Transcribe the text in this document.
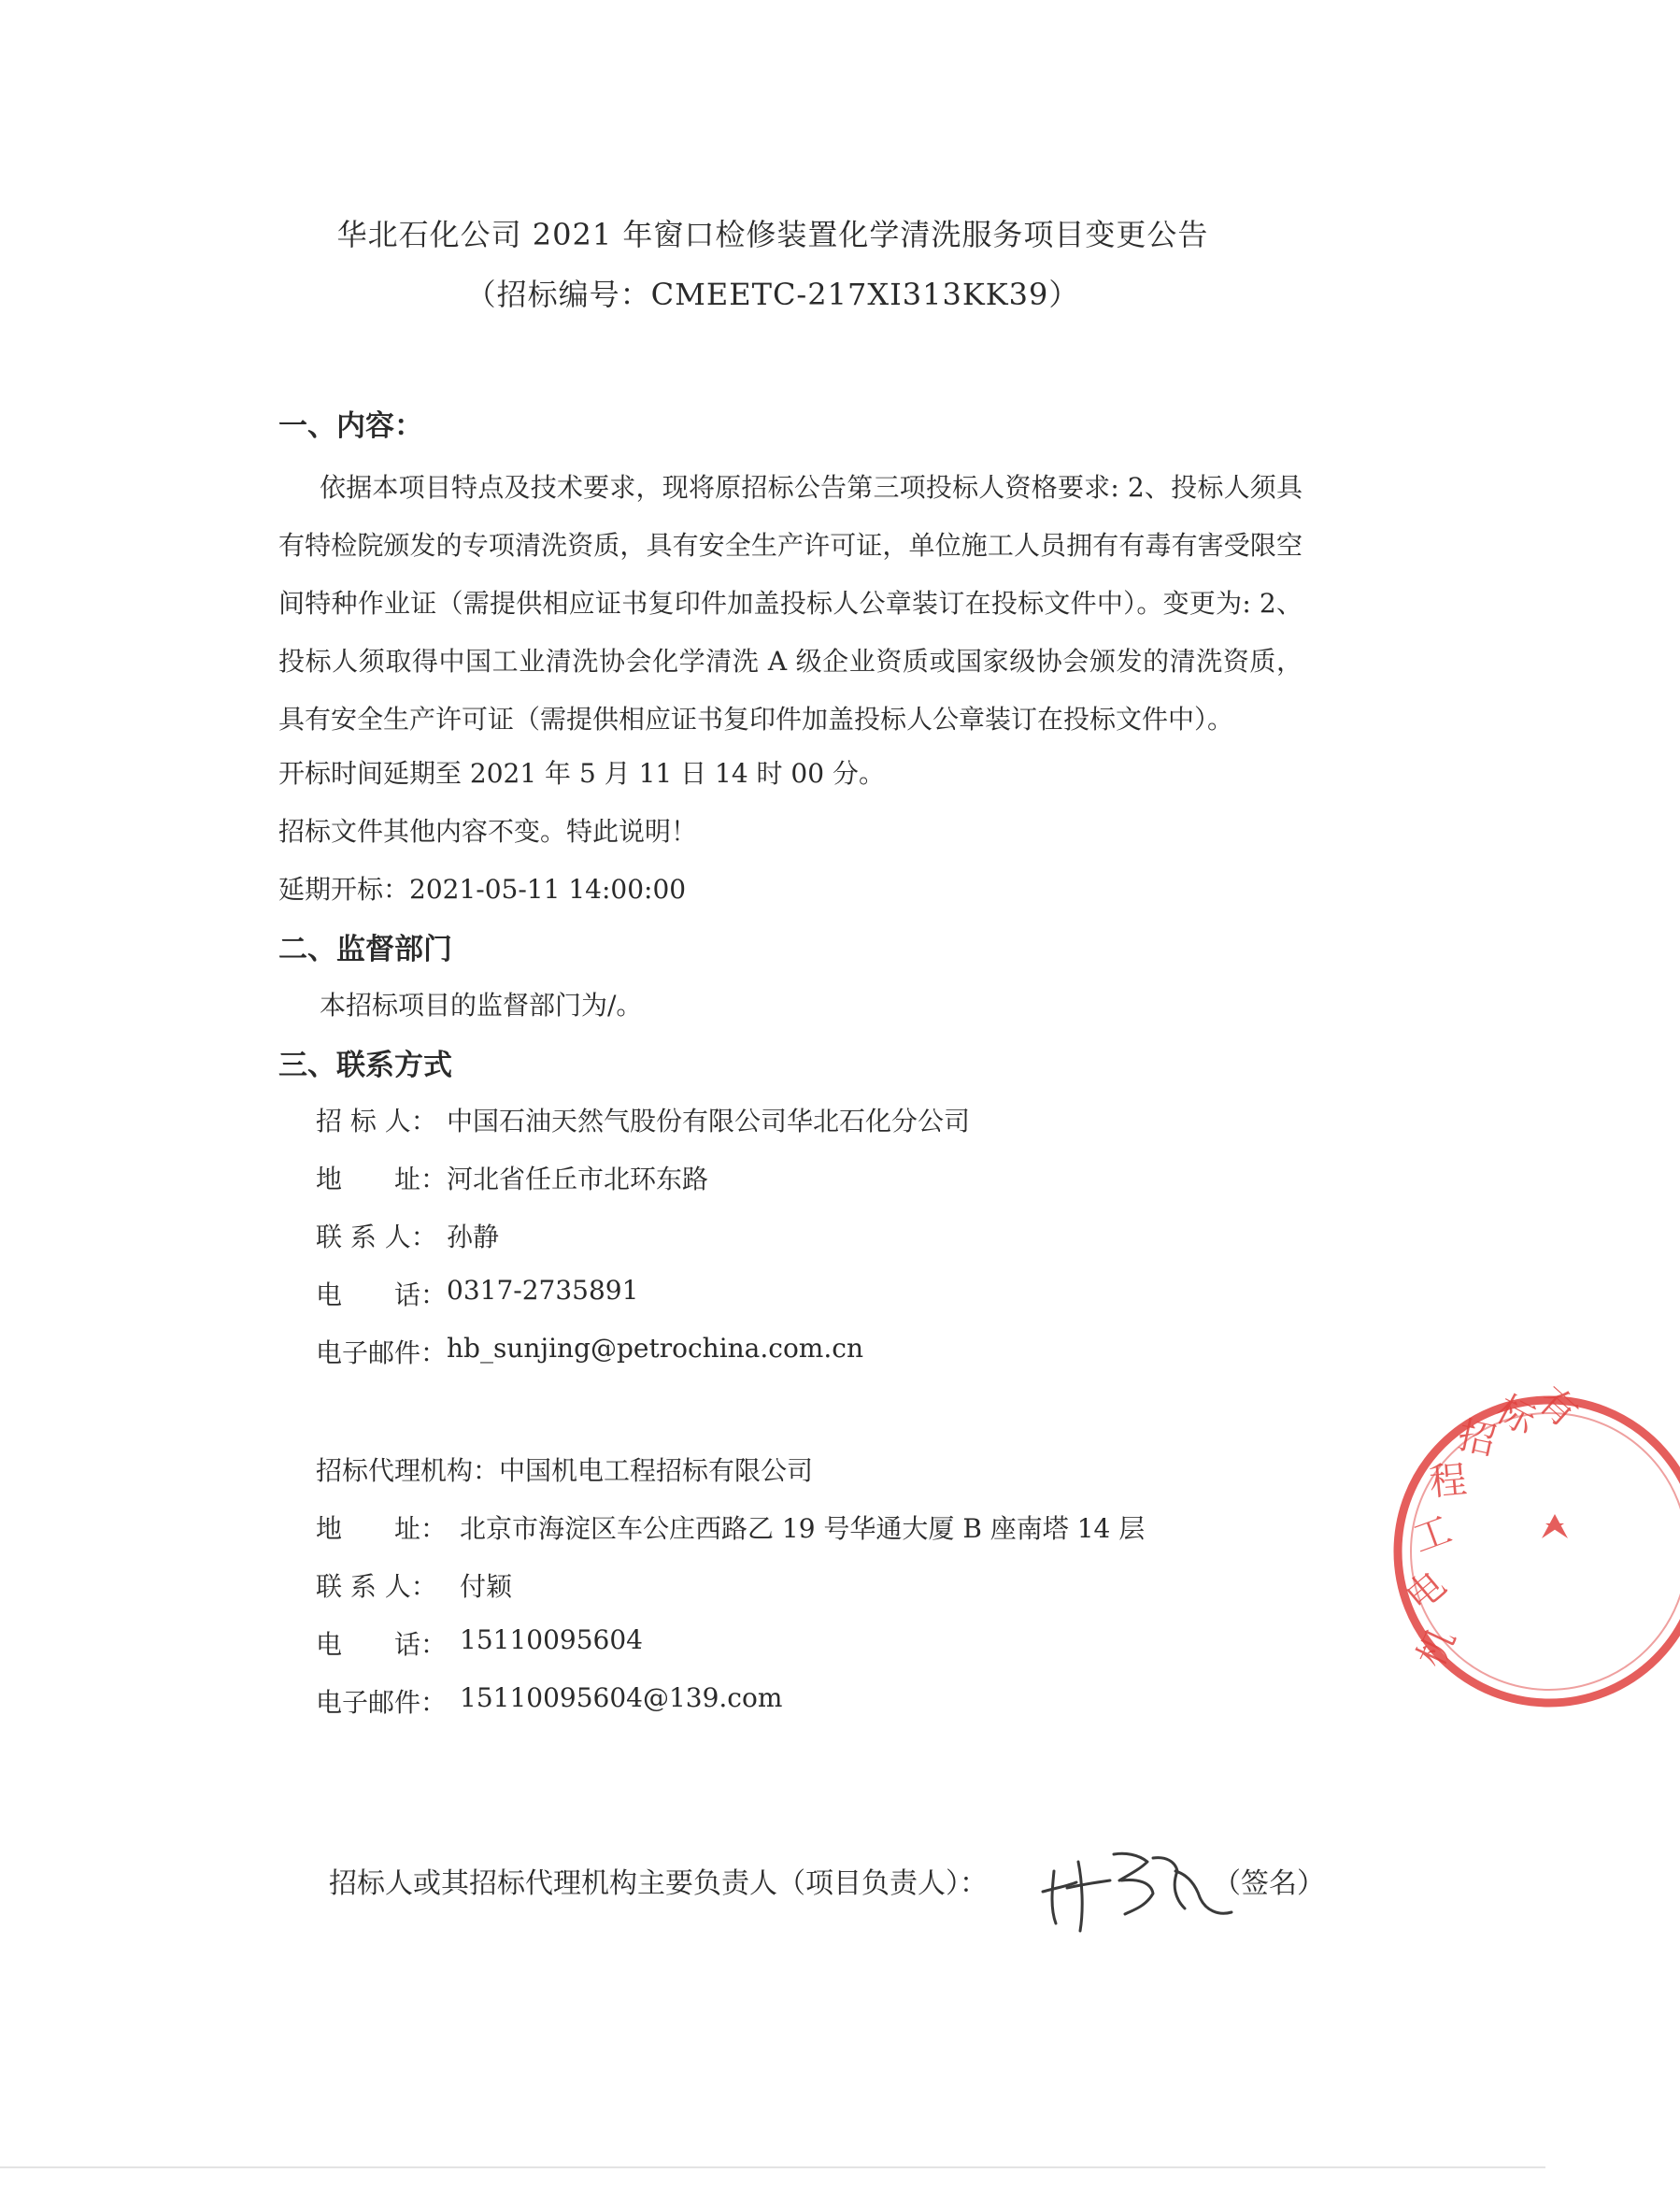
华北石化公司 2021 年窗口检修装置化学清洗服务项目变更公告
（招标编号：CMEETC-217XI313KK39）
一、内容：
依据本项目特点及技术要求，现将原招标公告第三项投标人资格要求: 2、投标人须具有特检院颁发的专项清洗资质，具有安全生产许可证，单位施工人员拥有有毒有害受限空间特种作业证（需提供相应证书复印件加盖投标人公章装订在投标文件中）。变更为: 2、投标人须取得中国工业清洗协会化学清洗 A 级企业资质或国家级协会颁发的清洗资质，具有安全生产许可证（需提供相应证书复印件加盖投标人公章装订在投标文件中）。
开标时间延期至 2021 年 5 月 11 日 14 时 00 分。
招标文件其他内容不变。特此说明！
延期开标：2021-05-11 14:00:00
二、监督部门
本招标项目的监督部门为/。
三、联系方式
招 标 人： 中国石油天然气股份有限公司华北石化分公司
地　　址： 河北省任丘市北环东路
联 系 人： 孙静
电　　话： 0317-2735891
电子邮件： hb_sunjing@petrochina.com.cn
招标代理机构： 中国机电工程招标有限公司
地　　址： 北京市海淀区车公庄西路乙 19 号华通大厦 B 座南塔 14 层
联 系 人： 付颖
电　　话： 15110095604
电子邮件： 15110095604@139.com
招标人或其招标代理机构主要负责人（项目负责人）：	（签名）
机
电
工
程
招
标
有
